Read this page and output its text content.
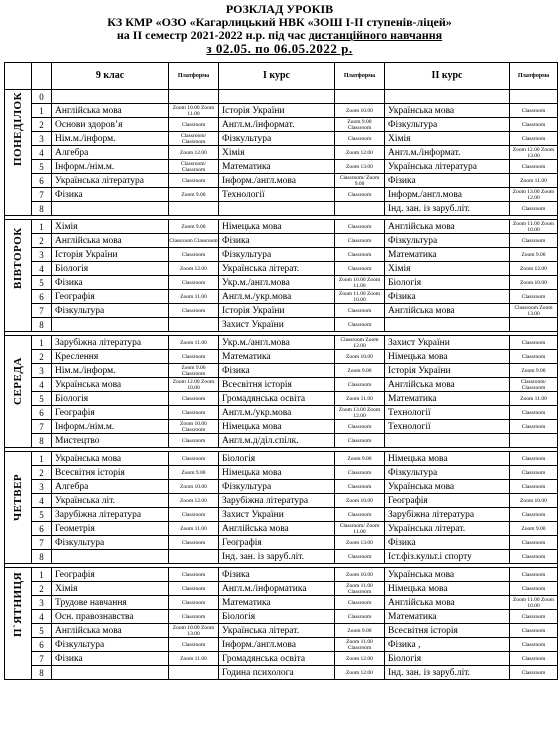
РОЗКЛАД УРОКІВ
КЗ КМР «ОЗО «Кагарлицький НВК «ЗОШ І-ІІ ступенів-ліцей»
на ІІ семестр 2021-2022 н.р. під час дистанційного навчання
з 02.05. по 06.05.2022 р.
		9 клас	Платформа	І курс	Платформа	ІІ курс	Платформа

ПОНЕДІЛОК	0						
	1	Англійська мова	Zoom 10.00 Zoom 11.00	Історія України	Zoom 10.00	Українська мова	Classroom
	2	Основи здоров’я	Classroom	Англ.м./інформат.	Zoom 9.00 Classroom	Фізкультура	Classroom
	3	Нім.м./інформ.	Classroom/ Classroom	Фізкультура	Classroom	Хімія	Classroom
	4	Алгебра	Zoom 12.00	Хімія	Zoom 12.00	Англ.м./інформат.	Zoom 12.00 Zoom 13.00
	5	Інформ./нім.м.	Classroom/ Classroom	Математика	Zoom 13.00	Українська література	Classroom
	6	Українська література	Classroom	Інформ./англ.мова	Classroom/ Zoom 9.00	Фізика	Zoom 11.00
	7	Фізика	Zoom 9.00	Технології	Classroom	Інформ./англ.мова	Zoom 13.00 Zoom 12.00
	8					Інд. зан. із заруб.літ.	Classroom

ВІВТОРОК	1	Хімія	Zoom 9.00	Німецька мова	Classroom	Англійська мова	Zoom 11.00 Zoom 10.00
	2	Англійська мова	Classroom Classroom	Фізика	Classroom	Фізкультура	Classroom
	3	Історія України	Classroom	Фізкультура	Classroom	Математика	Zoom 9.00
	4	Біологія	Zoom 12.00	Українська літерат.	Classroom	Хімія	Zoom 12.00
	5	Фізика	Classroom	Укр.м./англ.мова	Zoom 10.00 Zoom 11.00	Біологія	Zoom 10.00
	6	Географія	Zoom 11.00	Англ.м./укр.мова	Zoom 11.00 Zoom 10.00	Фізика	Classroom
	7	Фізкультура	Classroom	Історія України	Classroom	Англійська мова	Classroom Zoom 13.00
	8			Захист України	Classroom		

СЕРЕДА	1	Зарубіжна література	Zoom 11.00	Укр.м./англ.мова	Classroom Zoom 12.00	Захист України	Classroom
	2	Креслення	Classroom	Математика	Zoom 10.00	Німецька мова	Classroom
	3	Нім.м./інформ.	Zoom 9.00 Classroom	Фізика	Zoom 9.00	Історія України	Zoom 9.00
	4	Українська мова	Zoom 12.00 Zoom 10.00	Всесвітня історія	Classroom	Англійська мова	Classroom/ Classroom
	5	Біологія	Classroom	Громадянська освіта	Zoom 11.00	Математика	Zoom 11.00
	6	Географія	Classroom	Англ.м./укр.мова	Zoom 13.00 Zoom 12.00	Технології	Classroom
	7	Інформ./нім.м.	Zoom 10.00 Classroom	Німецька мова	Classroom	Технології	Classroom
	8	Мистецтво	Classroom	Англ.м.д/діл.спілк.	Classroom		

ЧЕТВЕР	1	Українська мова	Classroom	Біологія	Zoom 9.00	Німецька мова	Classroom
	2	Всесвітня історія	Zoom 9.00	Німецька мова	Classroom	Фізкультура	Classroom
	3	Алгебра	Zoom 10.00	Фізкультура	Classroom	Українська мова	Classroom
	4	Українська літ.	Zoom 12.00	Зарубіжна література	Zoom 10.00	Географія	Zoom 10.00
	5	Зарубіжна література	Classroom	Захист України	Classroom	Зарубіжна література	Classroom
	6	Геометрія	Zoom 11.00	Англійська мова	Classroom/ Zoom 11.00	Українська літерат.	Zoom 9.00
	7	Фізкультура	Classroom	Географія	Zoom 13.00	Фізика	Classroom
	8			Інд. зан. із заруб.літ.	Classroom	Іст.фіз.культ.і спорту	Classroom

П`ЯТНИЦЯ	1	Географія	Classroom	Фізика	Zoom 10.00	Українська мова	Classroom
	2	Хімія	Classroom	Англ.м./інформатика	Zoom 11.00 Classroom	Німецька мова	Classroom
	3	Трудове навчання	Classroom	Математика	Classroom	Англійська мова	Zoom 11.00 Zoom 10.00
	4	Осн. правознавства	Classroom	Біологія	Classroom	Математика	Classroom
	5	Англійська мова	Zoom 10.00 Zoom 13.00	Українська літерат.	Zoom 9.00	Всесвітня історія	Classroom
	6	Фізкультура	Classroom	Інформ./англ.мова	Zoom 11.00 Classroom	Фізика ,	Classroom
	7	Фізика	Zoom 11.00	Громадянська освіта	Zoom 12.00	Біологія	Classroom
	8			Година психолога	Zoom 12.00	Інд. зан. із заруб.літ.	Classroom
